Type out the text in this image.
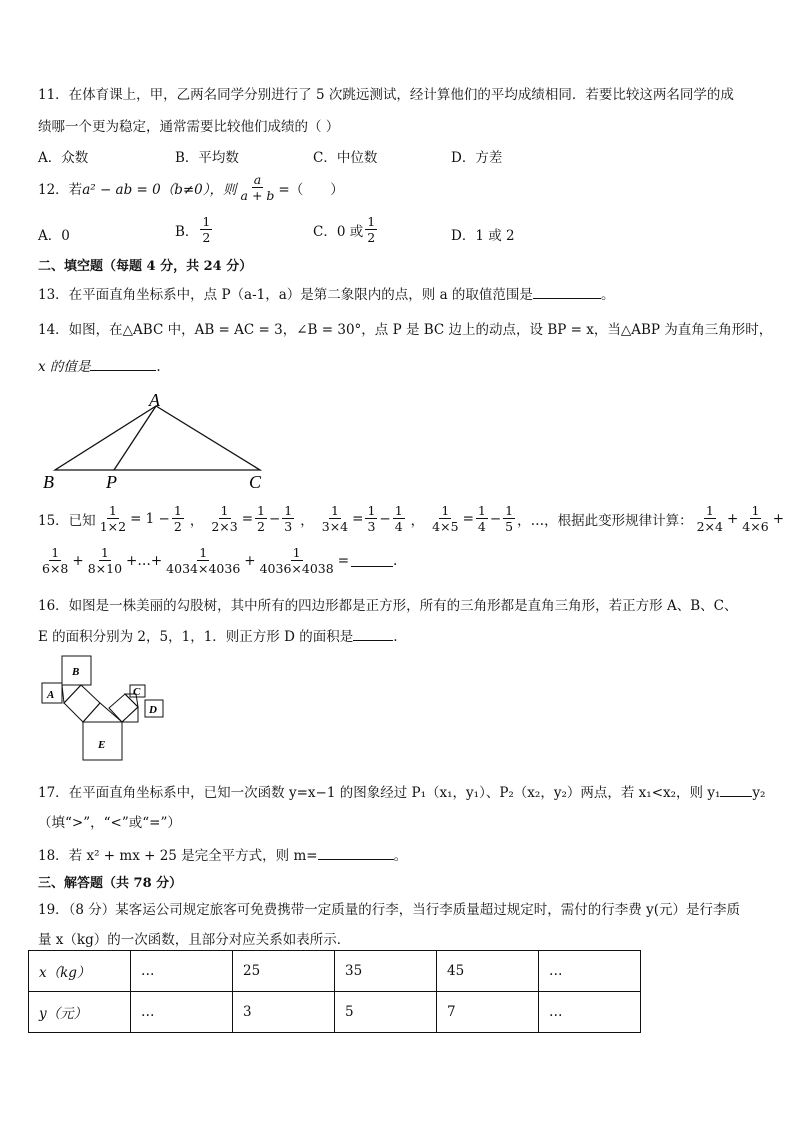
11．在体育课上，甲，乙两名同学分别进行了 5 次跳远测试，经计算他们的平均成绩相同．若要比较这两名同学的成
绩哪一个更为稳定，通常需要比较他们成绩的（ ）
A．众数	B．平均数	C．中位数	D．方差
12．若 a² − ab = 0（b≠0），则 $\frac{a}{a + b}$ =（　　）
A．0	B． $\frac{1}{2}$	C．0 或 $\frac{1}{2}$	D．1 或 2
二、填空题（每题 4 分，共 24 分）
13．在平面直角坐标系中，点 P（a-1，a）是第二象限内的点，则 a 的取值范围是	。
14．如图，在△ABC 中，AB = AC = 3，∠B = 30°，点 P 是 BC 边上的动点，设 BP = x，当△ABP 为直角三角形时，
x 的值是	.
A
B	P	C
15．已知 $\frac{1}{1\times 2} = 1 - \frac{1}{2}$ ， $\frac{1}{2\times 3} = \frac{1}{2} - \frac{1}{3}$ ， $\frac{1}{3\times 4} = \frac{1}{3} - \frac{1}{4}$ ， $\frac{1}{4\times 5} = \frac{1}{4} - \frac{1}{5}$ ，…，根据此变形规律计算： $\frac{1}{2\times 4} + \frac{1}{4\times 6}$ +
$\frac{1}{6\times 8} + \frac{1}{8\times 10}$ +…+ $\frac{1}{4034\times 4036} + \frac{1}{4036\times 4038}$ =	.
16．如图是一株美丽的勾股树，其中所有的四边形都是正方形，所有的三角形都是直角三角形，若正方形 A、B、C、
E 的面积分别为 2，5，1，1．则正方形 D 的面积是	.
A
B
C
D
E
17．在平面直角坐标系中，已知一次函数 y=x−1 的图象经过 P₁（x₁，y₁）、P₂（x₂，y₂）两点，若 x₁<x₂，则 y₁ y₂
（填“>”，“<”或“=”）
18．若 x² + mx + 25 是完全平方式，则 m=	。
三、解答题（共 78 分）
19．（8 分）某客运公司规定旅客可免费携带一定质量的行李，当行李质量超过规定时，需付的行李费 y(元）是行李质
量 x（kg）的一次函数，且部分对应关系如表所示．
x（kg）	…	25	35	45	…
y（元）	…	3	5	7	…
